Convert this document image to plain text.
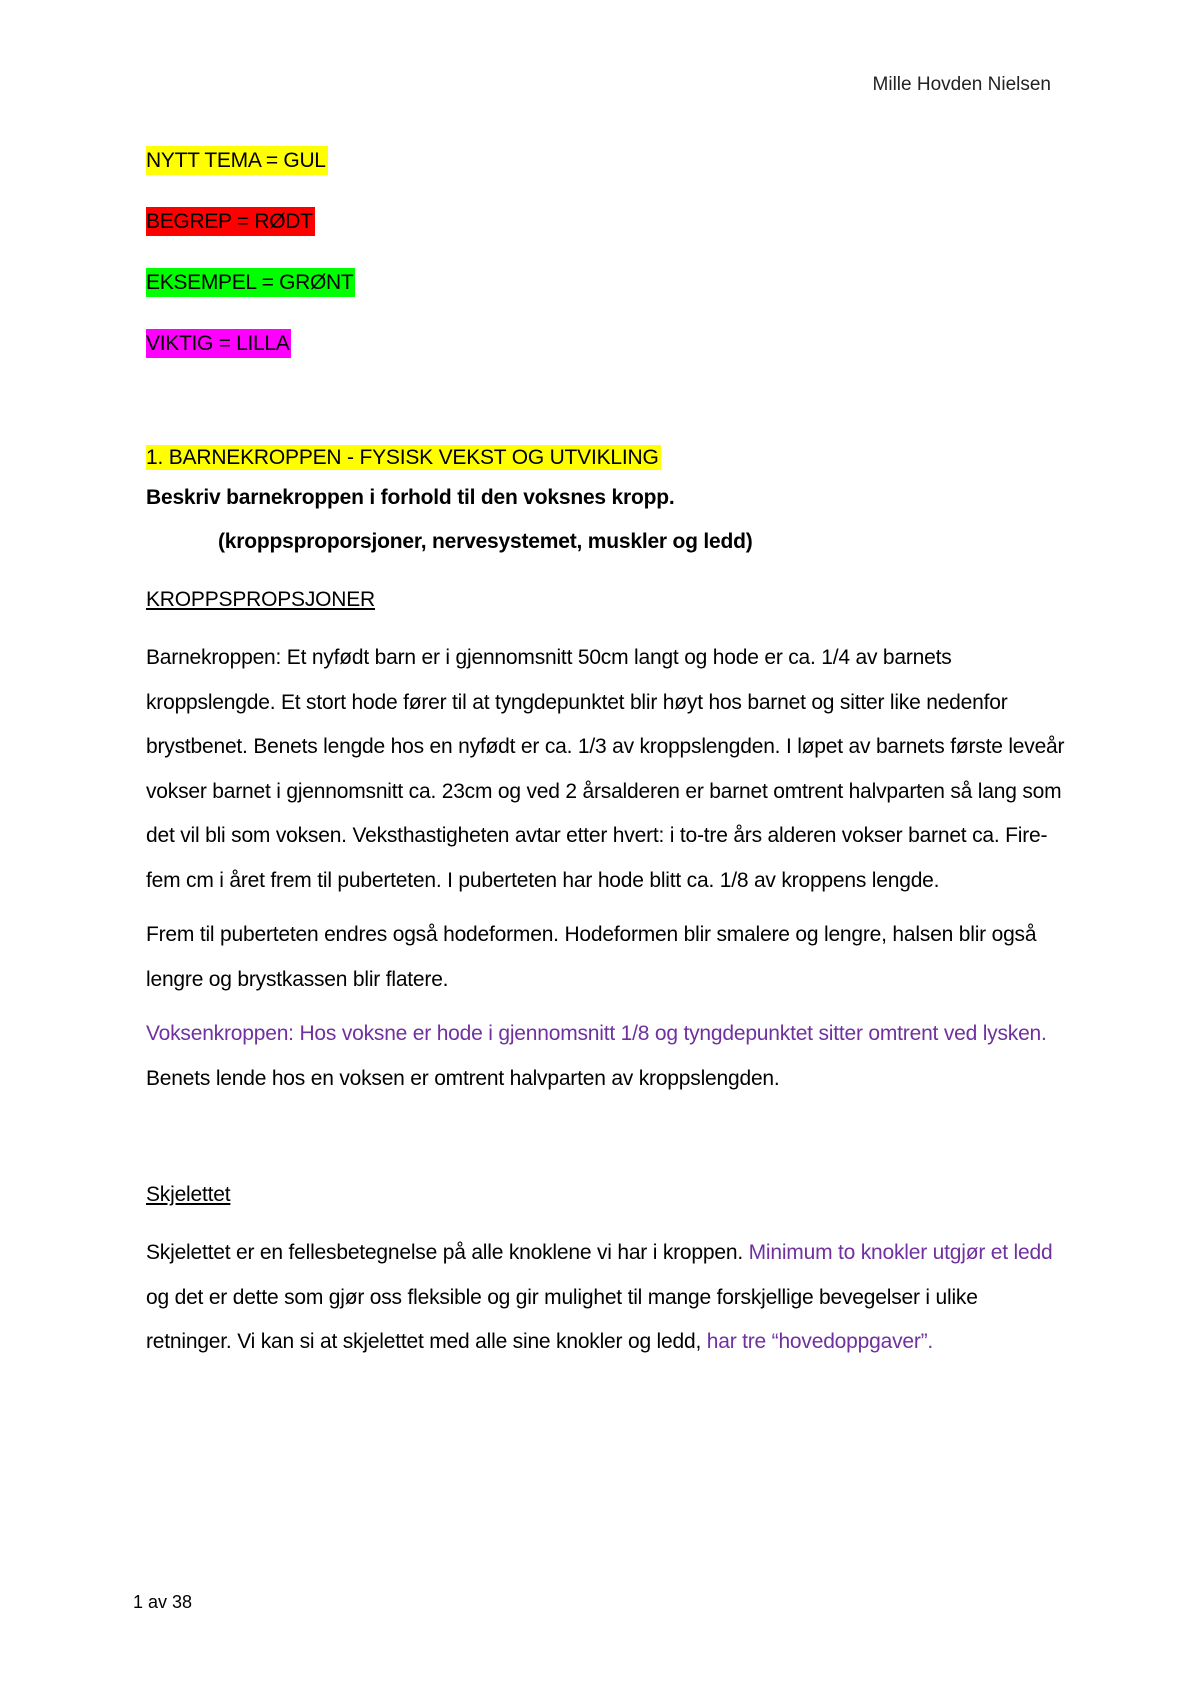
Mille Hovden Nielsen

NYTT TEMA = GUL

BEGREP = RØDT

EKSEMPEL = GRØNT

VIKTIG = LILLA

1. BARNEKROPPEN - FYSISK VEKST OG UTVIKLING

Beskriv barnekroppen i forhold til den voksnes kropp.

(kroppsproporsjoner, nervesystemet, muskler og ledd)

KROPPSPROPSJONER

Barnekroppen: Et nyfødt barn er i gjennomsnitt 50cm langt og hode er ca. 1/4 av barnets kroppslengde. Et stort hode fører til at tyngdepunktet blir høyt hos barnet og sitter like nedenfor brystbenet. Benets lengde hos en nyfødt er ca. 1/3 av kroppslengden. I løpet av barnets første leveår vokser barnet i gjennomsnitt ca. 23cm og ved 2 årsalderen er barnet omtrent halvparten så lang som det vil bli som voksen. Veksthastigheten avtar etter hvert: i to-tre års alderen vokser barnet ca. Fire- fem cm i året frem til puberteten. I puberteten har hode blitt ca. 1/8 av kroppens lengde.

Frem til puberteten endres også hodeformen. Hodeformen blir smalere og lengre, halsen blir også lengre og brystkassen blir flatere.

Voksenkroppen: Hos voksne er hode i gjennomsnitt 1/8 og tyngdepunktet sitter omtrent ved lysken. Benets lende hos en voksen er omtrent halvparten av kroppslengden.

Skjelettet

Skjelettet er en fellesbetegnelse på alle knoklene vi har i kroppen. Minimum to knokler utgjør et ledd og det er dette som gjør oss fleksible og gir mulighet til mange forskjellige bevegelser i ulike retninger. Vi kan si at skjelettet med alle sine knokler og ledd, har tre “hovedoppgaver”.

1 av 38
